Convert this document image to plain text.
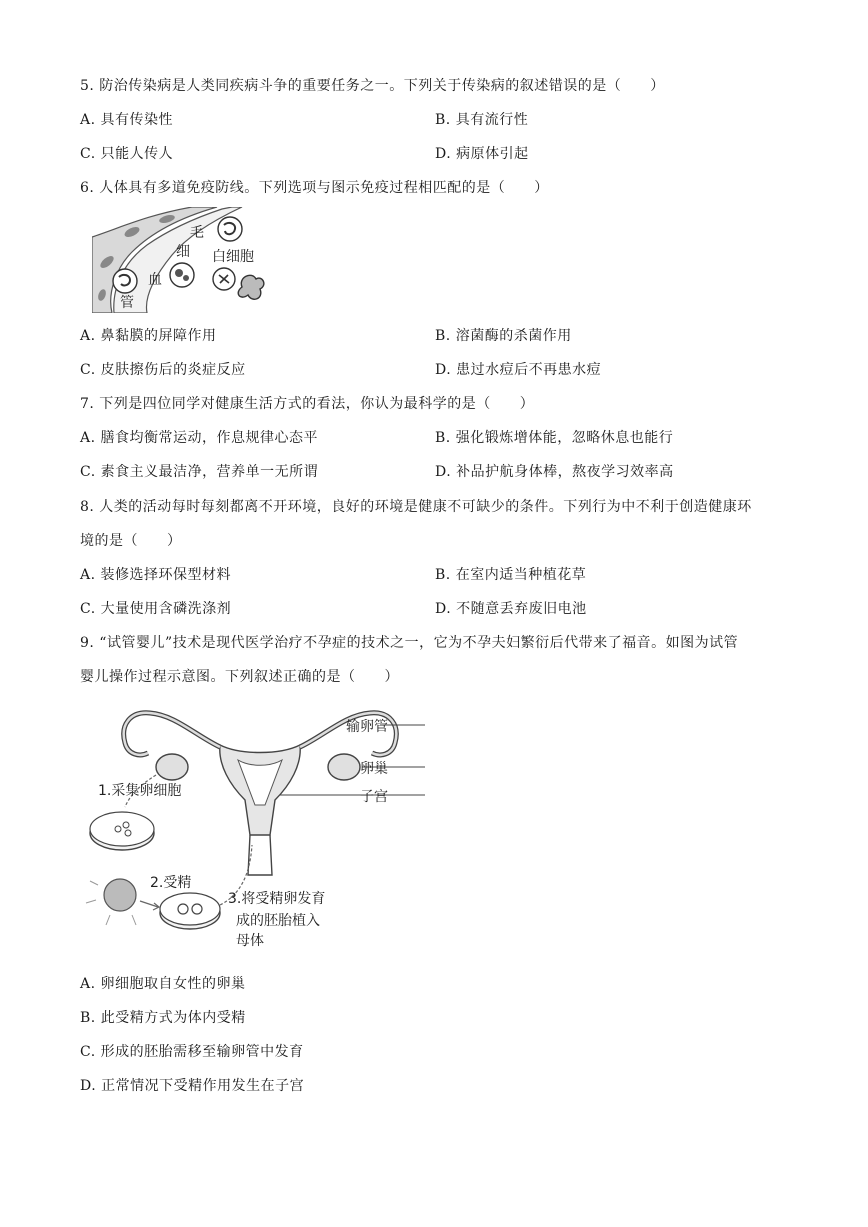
5. 防治传染病是人类同疾病斗争的重要任务之一。下列关于传染病的叙述错误的是（　　）
A. 具有传染性	B. 具有流行性
C. 只能人传人	D. 病原体引起
6. 人体具有多道免疫防线。下列选项与图示免疫过程相匹配的是（　　）
毛
细
血
管
白细胞
A. 鼻黏膜的屏障作用	B. 溶菌酶的杀菌作用
C. 皮肤擦伤后的炎症反应	D. 患过水痘后不再患水痘
7. 下列是四位同学对健康生活方式的看法，你认为最科学的是（　　）
A. 膳食均衡常运动，作息规律心态平	B. 强化锻炼增体能，忽略休息也能行
C. 素食主义最洁净，营养单一无所谓	D. 补品护航身体棒，熬夜学习效率高
8. 人类的活动每时每刻都离不开环境，良好的环境是健康不可缺少的条件。下列行为中不利于创造健康环
境的是（　　）
A. 装修选择环保型材料	B. 在室内适当种植花草
C. 大量使用含磷洗涤剂	D. 不随意丢弃废旧电池
9. “试管婴儿”技术是现代医学治疗不孕症的技术之一，它为不孕夫妇繁衍后代带来了福音。如图为试管
婴儿操作过程示意图。下列叙述正确的是（　　）
1.采集卵细胞
2.受精
3.将受精卵发育
成的胚胎植入
母体
输卵管
卵巢
子宫
A. 卵细胞取自女性的卵巢
B. 此受精方式为体内受精
C. 形成的胚胎需移至输卵管中发育
D. 正常情况下受精作用发生在子宫
